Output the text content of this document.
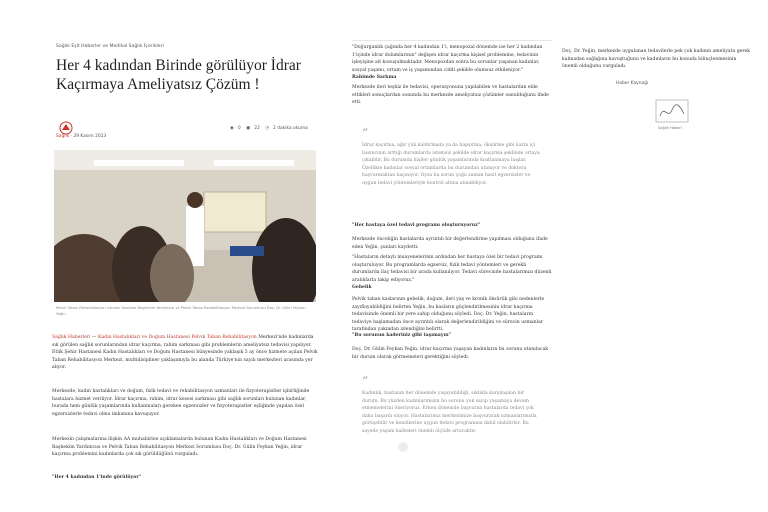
Sağlık Eşit Haberler ve Medikal Sağlık İçerikleri
Her 4 kadından Birinde görülüyor İdrar Kaçırmaya Ameliyatsız Çözüm !
Sağlık · 29 Kasım 2023
◉ 0 ▣ 22 ◷ 2 dakika okuma
Pelvik Taban Rehabilitasyon Uzmanı Hastane Başhekim Yardımcısı ve Pelvik Taban Rehabilitasyon Merkezi Sorumlusu Doç. Dr. Gülin Feykan Yeğin

Sağlık Haberleri — Kadın Hastalıkları ve Doğum Hastanesi Pelvik Taban Rehabilitasyon Merkezi'nde kadınlarda sık görülen sağlık sorunlarından idrar kaçırma, rahim sarkması gibi problemlerin ameliyatsız tedavisi yapılıyor. Etlik Şehir Hastanesi Kadın Hastalıkları ve Doğum Hastanesi bünyesinde yaklaşık 5 ay önce hizmete açılan Pelvik Taban Rehabilitasyon Merkezi, multidisipliner yaklaşımıyla bu alanda Türkiye'nin sayılı merkezleri arasında yer alıyor.

Merkezde, kadın hastalıkları ve doğum, fizik tedavi ve rehabilitasyon uzmanları ile fizyoterapistler işbirliğinde hastalara hizmet veriliyor. İdrar kaçırma, rahim, idrar kesesi sarkması gibi sağlık sorunları bulunan kadınlar, burada hem günlük yaşamlarında kullanmaları gereken egzersizler ve fizyoterapistler eşliğinde yapılan özel egzersizlerle tedavi olma imkanına kavuşuyor.

Merkezin çalışmalarına ilişkin AA muhabirine açıklamalarda bulunan Kadın Hastalıkları ve Doğum Hastanesi Başhekim Yardımcısı ve Pelvik Taban Rehabilitasyon Merkezi Sorumlusu Doç. Dr. Gülin Feykan Yeğin, idrar kaçırma problemini kadınlarda çok sık görüldüğünü vurguladı.

"Her 4 kadından 1'inde görülüyor"

"Doğurganlık çağında her 4 kadından 1'i, menopozal dönemde ise her 2 kadından 1'içinde idrar dolumlarının" değişen idrar kaçırma kişisel problemine, tedavinin işleyişine ait konuşulmaktadır. Menopozdan sonra bu sorunlar yaşanan kadınlar, sosyal yaşamı, ortam ve iş yaşamından ciddi şekilde olumsuz etkileniyor."

Rahimde Sarkma

Merkezde ileri teşhiz ile tedavisi, operasyonuna yapılabilen ve hastalardan elde ettikleri sonuçlardan sonunda bu merkezde ameliyatsız çözümler sunulduğunu ifade etti.

“
İdrar kaçırma, ağır yük kaldırmada ya da hapşırma, öksürme gibi karın içi basıncının arttığı durumlarda istemsiz şekilde idrar kaçırma şeklinde ortaya çıkabilir. Bu durumda kişiler günlük yaşamlarında kısıtlanmaya başlar. Özellikle kadınlar sosyal ortamlarda bu durumdan utanıyor ve doktora başvurmaktan kaçınıyor. Oysa bu sorun çoğu zaman basit egzersizler ve uygun tedavi yöntemleriyle kontrol altına alınabiliyor.

"Her hastaya özel tedavi programı oluşturuyoruz"

Merkezde önceliğin hastalarda ayrıntılı bir değerlendirme yapılması olduğunu ifade eden Yeğin, şunları kaydetti:

"Hastaların detaylı muayenelerinin ardından her hastaya özel bir tedavi programı oluşturuluyor. Bu programlarda egzersiz, fizik tedavi yöntemleri ve gerekli durumlarda ilaç tedavisi bir arada kullanılıyor. Tedavi sürecinde hastalarımızı düzenli aralıklarla takip ediyoruz."

Gebelik

Pelvik taban kaslarının gebelik, doğum, ileri yaş ve kronik öksürük gibi nedenlerle zayıflayabildiğini belirten Yeğin, bu kasların güçlendirilmesinin idrar kaçırma tedavisinde önemli bir yere sahip olduğunu söyledi. Doç. Dr. Yeğin, hastaların tedaviye başlamadan önce ayrıntılı olarak değerlendirildiğini ve sürecin uzmanlar tarafından yakından izlendiğini belirtti.

"Bu sorunun kaderiniz gibi taşımayın"

Doç. Dr. Gülin Feykan Yeğin, idrar kaçırma yaşayan kadınların bu sorunu utanılacak bir durum olarak görmemeleri gerektiğini söyledi.

“
Kadınlık, hastanın her dönemde yaşayabildiği, sıklıkla karşılaşılan bir durum. Bu yüzden kadınlarımızın bu sorunu yok sayıp yaşamaya devam etmemelerini öneriyoruz. Erken dönemde başvuran hastalarda tedavi çok daha başarılı oluyor. Hastalarımız merkezimize başvurarak uzmanlarımızla görüşebilir ve kendilerine uygun tedavi programına dahil olabilirler. Bu sayede yaşam kaliteleri önemli ölçüde artacaktır.

Doç. Dr. Yeğin, merkezde uygulanan tedavilerle pek çok kadının ameliyata gerek kalmadan sağlığına kavuştuğunu ve kadınların bu konuda bilinçlenmesinin önemli olduğunu vurguladı.

Haber Kaynağı
Sağlık Haberi
